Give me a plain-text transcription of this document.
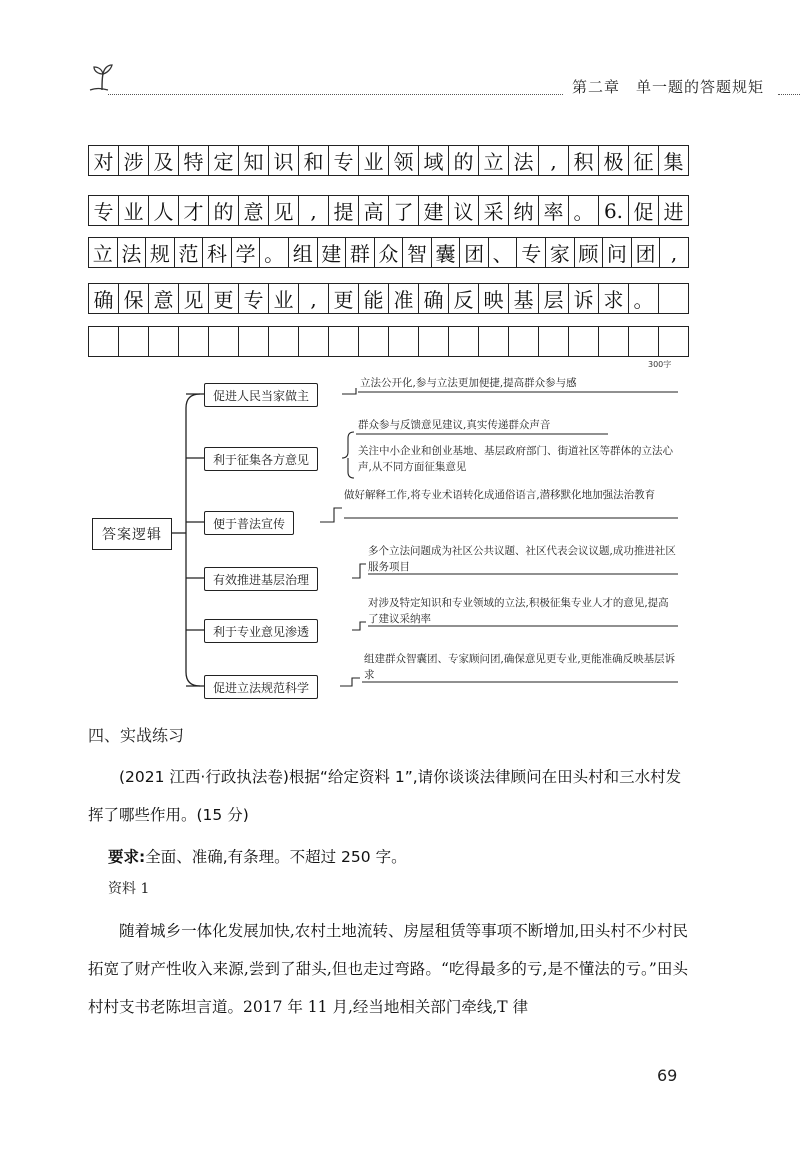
第二章　单一题的答题规矩
对 涉 及 特 定 知 识 和 专 业 领 域 的 立 法 , 积 极 征 集
专 业 人 才 的 意 见 , 提 高 了 建 议 采 纳 率 。 6. 促 进
立 法 规 范 科 学 。 组 建 群 众 智 囊 团 、 专 家 顾 问 团 ,
确 保 意 见 更 专 业 , 更 能 准 确 反 映 基 层 诉 求 。
300字
答案逻辑
促进人民当家做主
利于征集各方意见
便于普法宣传
有效推进基层治理
利于专业意见渗透
促进立法规范科学
立法公开化,参与立法更加便捷,提高群众参与感
群众参与反馈意见建议,真实传递群众声音
关注中小企业和创业基地、基层政府部门、街道社区等群体的立法心声,从不同方面征集意见
做好解释工作,将专业术语转化成通俗语言,潜移默化地加强法治教育
多个立法问题成为社区公共议题、社区代表会议议题,成功推进社区服务项目
对涉及特定知识和专业领域的立法,积极征集专业人才的意见,提高了建议采纳率
组建群众智囊团、专家顾问团,确保意见更专业,更能准确反映基层诉求
四、实战练习
(2021 江西·行政执法卷)根据“给定资料 1”,请你谈谈法律顾问在田头村和三水村发挥了哪些作用。(15 分)
要求:全面、准确,有条理。不超过 250 字。
资料 1
随着城乡一体化发展加快,农村土地流转、房屋租赁等事项不断增加,田头村不少村民拓宽了财产性收入来源,尝到了甜头,但也走过弯路。“吃得最多的亏,是不懂法的亏。”田头村村支书老陈坦言道。2017 年 11 月,经当地相关部门牵线,T 律
69
